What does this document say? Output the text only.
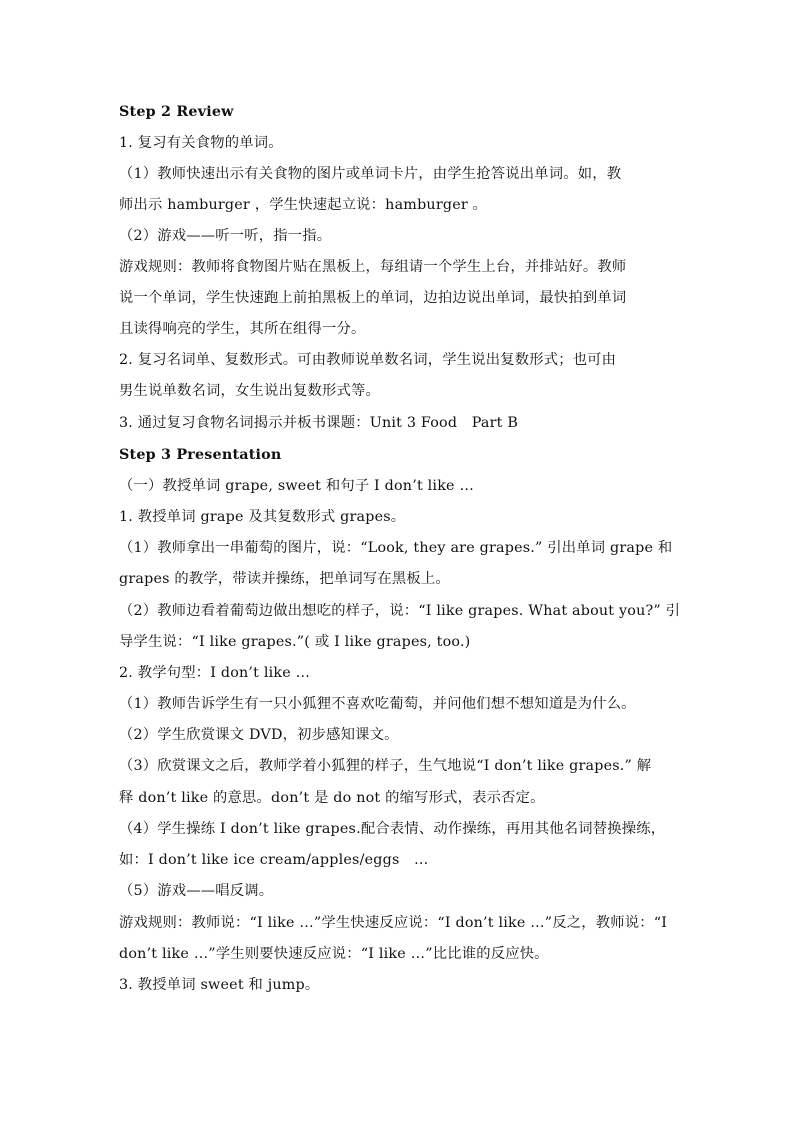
Step 2 Review
1. 复习有关食物的单词。
（1）教师快速出示有关食物的图片或单词卡片，由学生抢答说出单词。如，教
师出示 hamburger ，学生快速起立说：hamburger 。
（2）游戏——听一听，指一指。
游戏规则：教师将食物图片贴在黑板上，每组请一个学生上台，并排站好。教师
说一个单词，学生快速跑上前拍黑板上的单词，边拍边说出单词，最快拍到单词
且读得响亮的学生，其所在组得一分。
2. 复习名词单、复数形式。可由教师说单数名词，学生说出复数形式；也可由
男生说单数名词，女生说出复数形式等。
3. 通过复习食物名词揭示并板书课题：Unit 3 Food　Part B
Step 3 Presentation
（一）教授单词 grape, sweet 和句子 I don’t like …
1. 教授单词 grape 及其复数形式 grapes。
（1）教师拿出一串葡萄的图片，说：“Look, they are grapes.” 引出单词 grape 和
grapes 的教学，带读并操练，把单词写在黑板上。
（2）教师边看着葡萄边做出想吃的样子，说：“I like grapes. What about you?” 引
导学生说：“I like grapes.”( 或 I like grapes, too.)
2. 教学句型：I don’t like …
（1）教师告诉学生有一只小狐狸不喜欢吃葡萄，并问他们想不想知道是为什么。
（2）学生欣赏课文 DVD，初步感知课文。
（3）欣赏课文之后，教师学着小狐狸的样子，生气地说“I don’t like grapes.” 解
释 don’t like 的意思。don’t 是 do not 的缩写形式，表示否定。
（4）学生操练 I don’t like grapes.配合表情、动作操练，再用其他名词替换操练，
如：I don’t like ice cream/apples/eggs　…
（5）游戏——唱反调。
游戏规则：教师说：“I like …”学生快速反应说：“I don’t like …”反之，教师说：“I
don’t like …”学生则要快速反应说：“I like …”比比谁的反应快。
3. 教授单词 sweet 和 jump。
